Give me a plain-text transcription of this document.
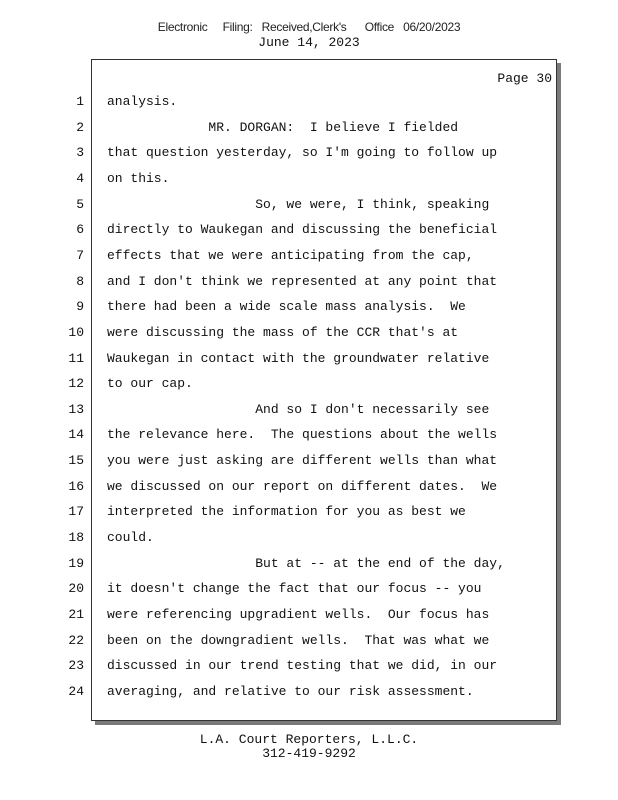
Electronic     Filing:   Received,Clerk's      Office   06/20/2023
June 14, 2023
Page 30
1 analysis.
2 MR. DORGAN:  I believe I fielded
3 that question yesterday, so I'm going to follow up
4 on this.
5 So, we were, I think, speaking
6 directly to Waukegan and discussing the beneficial
7 effects that we were anticipating from the cap,
8 and I don't think we represented at any point that
9 there had been a wide scale mass analysis.  We
10 were discussing the mass of the CCR that's at
11 Waukegan in contact with the groundwater relative
12 to our cap.
13 And so I don't necessarily see
14 the relevance here.  The questions about the wells
15 you were just asking are different wells than what
16 we discussed on our report on different dates.  We
17 interpreted the information for you as best we
18 could.
19 But at -- at the end of the day,
20 it doesn't change the fact that our focus -- you
21 were referencing upgradient wells.  Our focus has
22 been on the downgradient wells.  That was what we
23 discussed in our trend testing that we did, in our
24 averaging, and relative to our risk assessment.
L.A. Court Reporters, L.L.C.
312-419-9292
